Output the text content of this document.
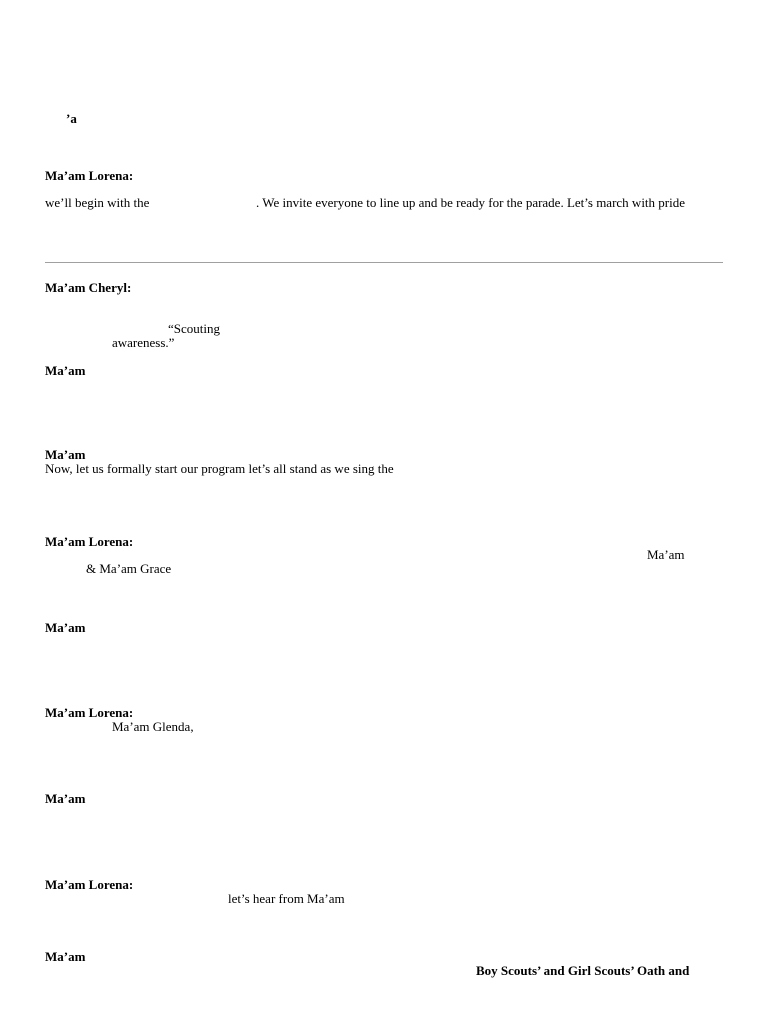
’a
Ma’am Lorena:
we’ll begin with the	. We invite everyone to line up and be ready for the parade. Let’s march with pride
Ma’am Cheryl:
“Scouting
awareness.”
Ma’am
Ma’am
Now, let us formally start our program let’s all stand as we sing the
Ma’am Lorena:
Ma’am
& Ma’am Grace
Ma’am
Ma’am Lorena:
Ma’am Glenda,
Ma’am
Ma’am Lorena:
let’s hear from Ma’am
Ma’am
Boy Scouts’ and Girl Scouts’ Oath and
